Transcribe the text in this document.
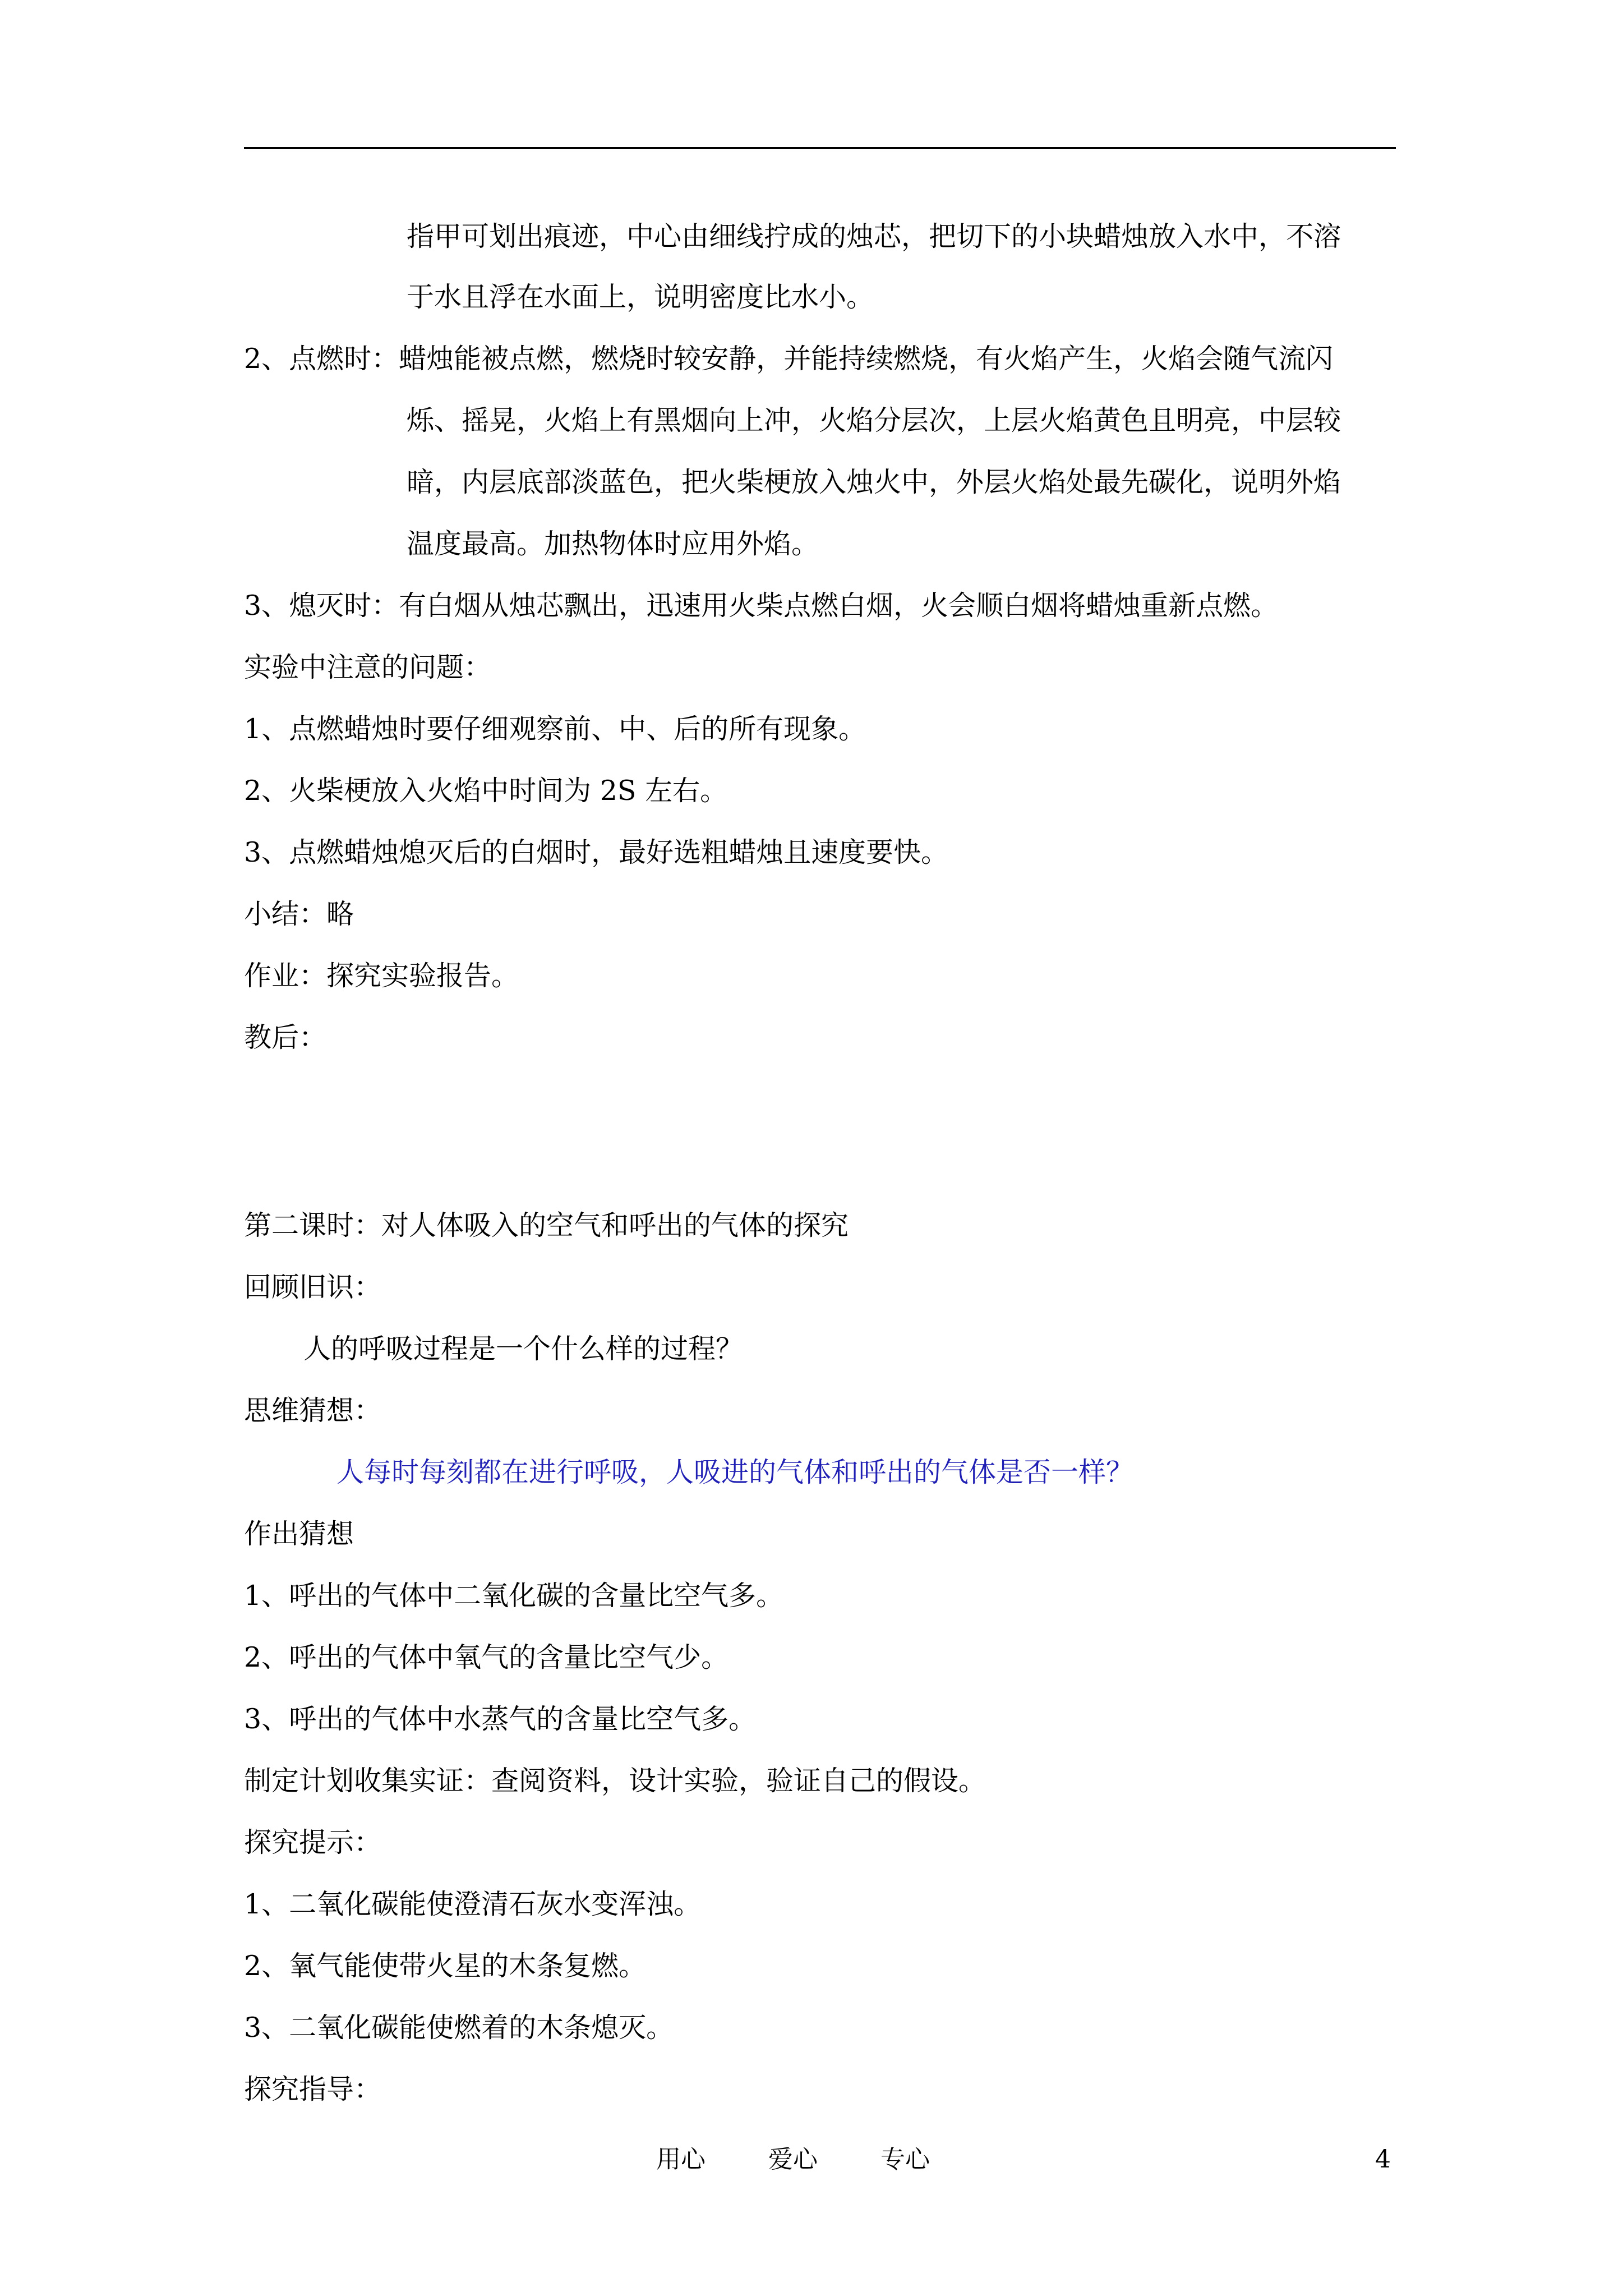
指甲可划出痕迹，中心由细线拧成的烛芯，把切下的小块蜡烛放入水中，不溶
于水且浮在水面上，说明密度比水小。
2、点燃时：蜡烛能被点燃，燃烧时较安静，并能持续燃烧，有火焰产生，火焰会随气流闪
烁、摇晃，火焰上有黑烟向上冲，火焰分层次，上层火焰黄色且明亮，中层较
暗，内层底部淡蓝色，把火柴梗放入烛火中，外层火焰处最先碳化，说明外焰
温度最高。加热物体时应用外焰。
3、熄灭时：有白烟从烛芯飘出，迅速用火柴点燃白烟，火会顺白烟将蜡烛重新点燃。
实验中注意的问题：
1、点燃蜡烛时要仔细观察前、中、后的所有现象。
2、火柴梗放入火焰中时间为 2S 左右。
3、点燃蜡烛熄灭后的白烟时，最好选粗蜡烛且速度要快。
小结：略
作业：探究实验报告。
教后：
第二课时：对人体吸入的空气和呼出的气体的探究
回顾旧识：
人的呼吸过程是一个什么样的过程？
思维猜想：
人每时每刻都在进行呼吸，人吸进的气体和呼出的气体是否一样？
作出猜想
1、呼出的气体中二氧化碳的含量比空气多。
2、呼出的气体中氧气的含量比空气少。
3、呼出的气体中水蒸气的含量比空气多。
制定计划收集实证：查阅资料，设计实验，验证自己的假设。
探究提示：
1、二氧化碳能使澄清石灰水变浑浊。
2、氧气能使带火星的木条复燃。
3、二氧化碳能使燃着的木条熄灭。
探究指导：
用心	爱心	专心	4
